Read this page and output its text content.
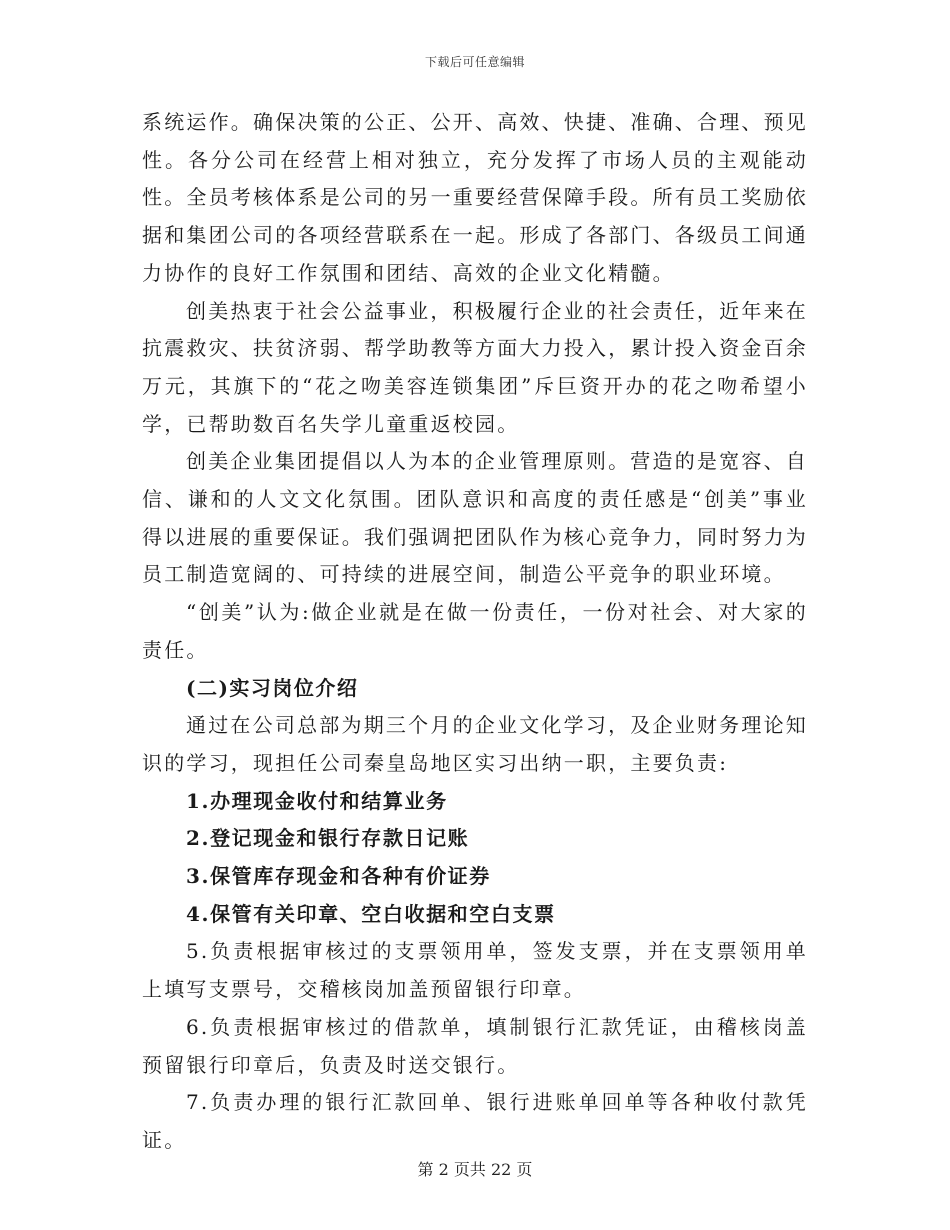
下载后可任意编辑

系统运作。确保决策的公正、公开、高效、快捷、准确、合理、预见性。各分公司在经营上相对独立，充分发挥了市场人员的主观能动性。全员考核体系是公司的另一重要经营保障手段。所有员工奖励依据和集团公司的各项经营联系在一起。形成了各部门、各级员工间通力协作的良好工作氛围和团结、高效的企业文化精髓。

创美热衷于社会公益事业，积极履行企业的社会责任，近年来在抗震救灾、扶贫济弱、帮学助教等方面大力投入，累计投入资金百余万元，其旗下的“花之吻美容连锁集团”斥巨资开办的花之吻希望小学，已帮助数百名失学儿童重返校园。

创美企业集团提倡以人为本的企业管理原则。营造的是宽容、自信、谦和的人文文化氛围。团队意识和高度的责任感是“创美”事业得以进展的重要保证。我们强调把团队作为核心竞争力，同时努力为员工制造宽阔的、可持续的进展空间，制造公平竞争的职业环境。

“创美”认为:做企业就是在做一份责任，一份对社会、对大家的责任。

(二)实习岗位介绍

通过在公司总部为期三个月的企业文化学习，及企业财务理论知识的学习，现担任公司秦皇岛地区实习出纳一职，主要负责:

1.办理现金收付和结算业务

2.登记现金和银行存款日记账

3.保管库存现金和各种有价证券

4.保管有关印章、空白收据和空白支票

5.负责根据审核过的支票领用单，签发支票，并在支票领用单上填写支票号，交稽核岗加盖预留银行印章。

6.负责根据审核过的借款单，填制银行汇款凭证，由稽核岗盖预留银行印章后，负责及时送交银行。

7.负责办理的银行汇款回单、银行进账单回单等各种收付款凭证。

第 2 页共 22 页
